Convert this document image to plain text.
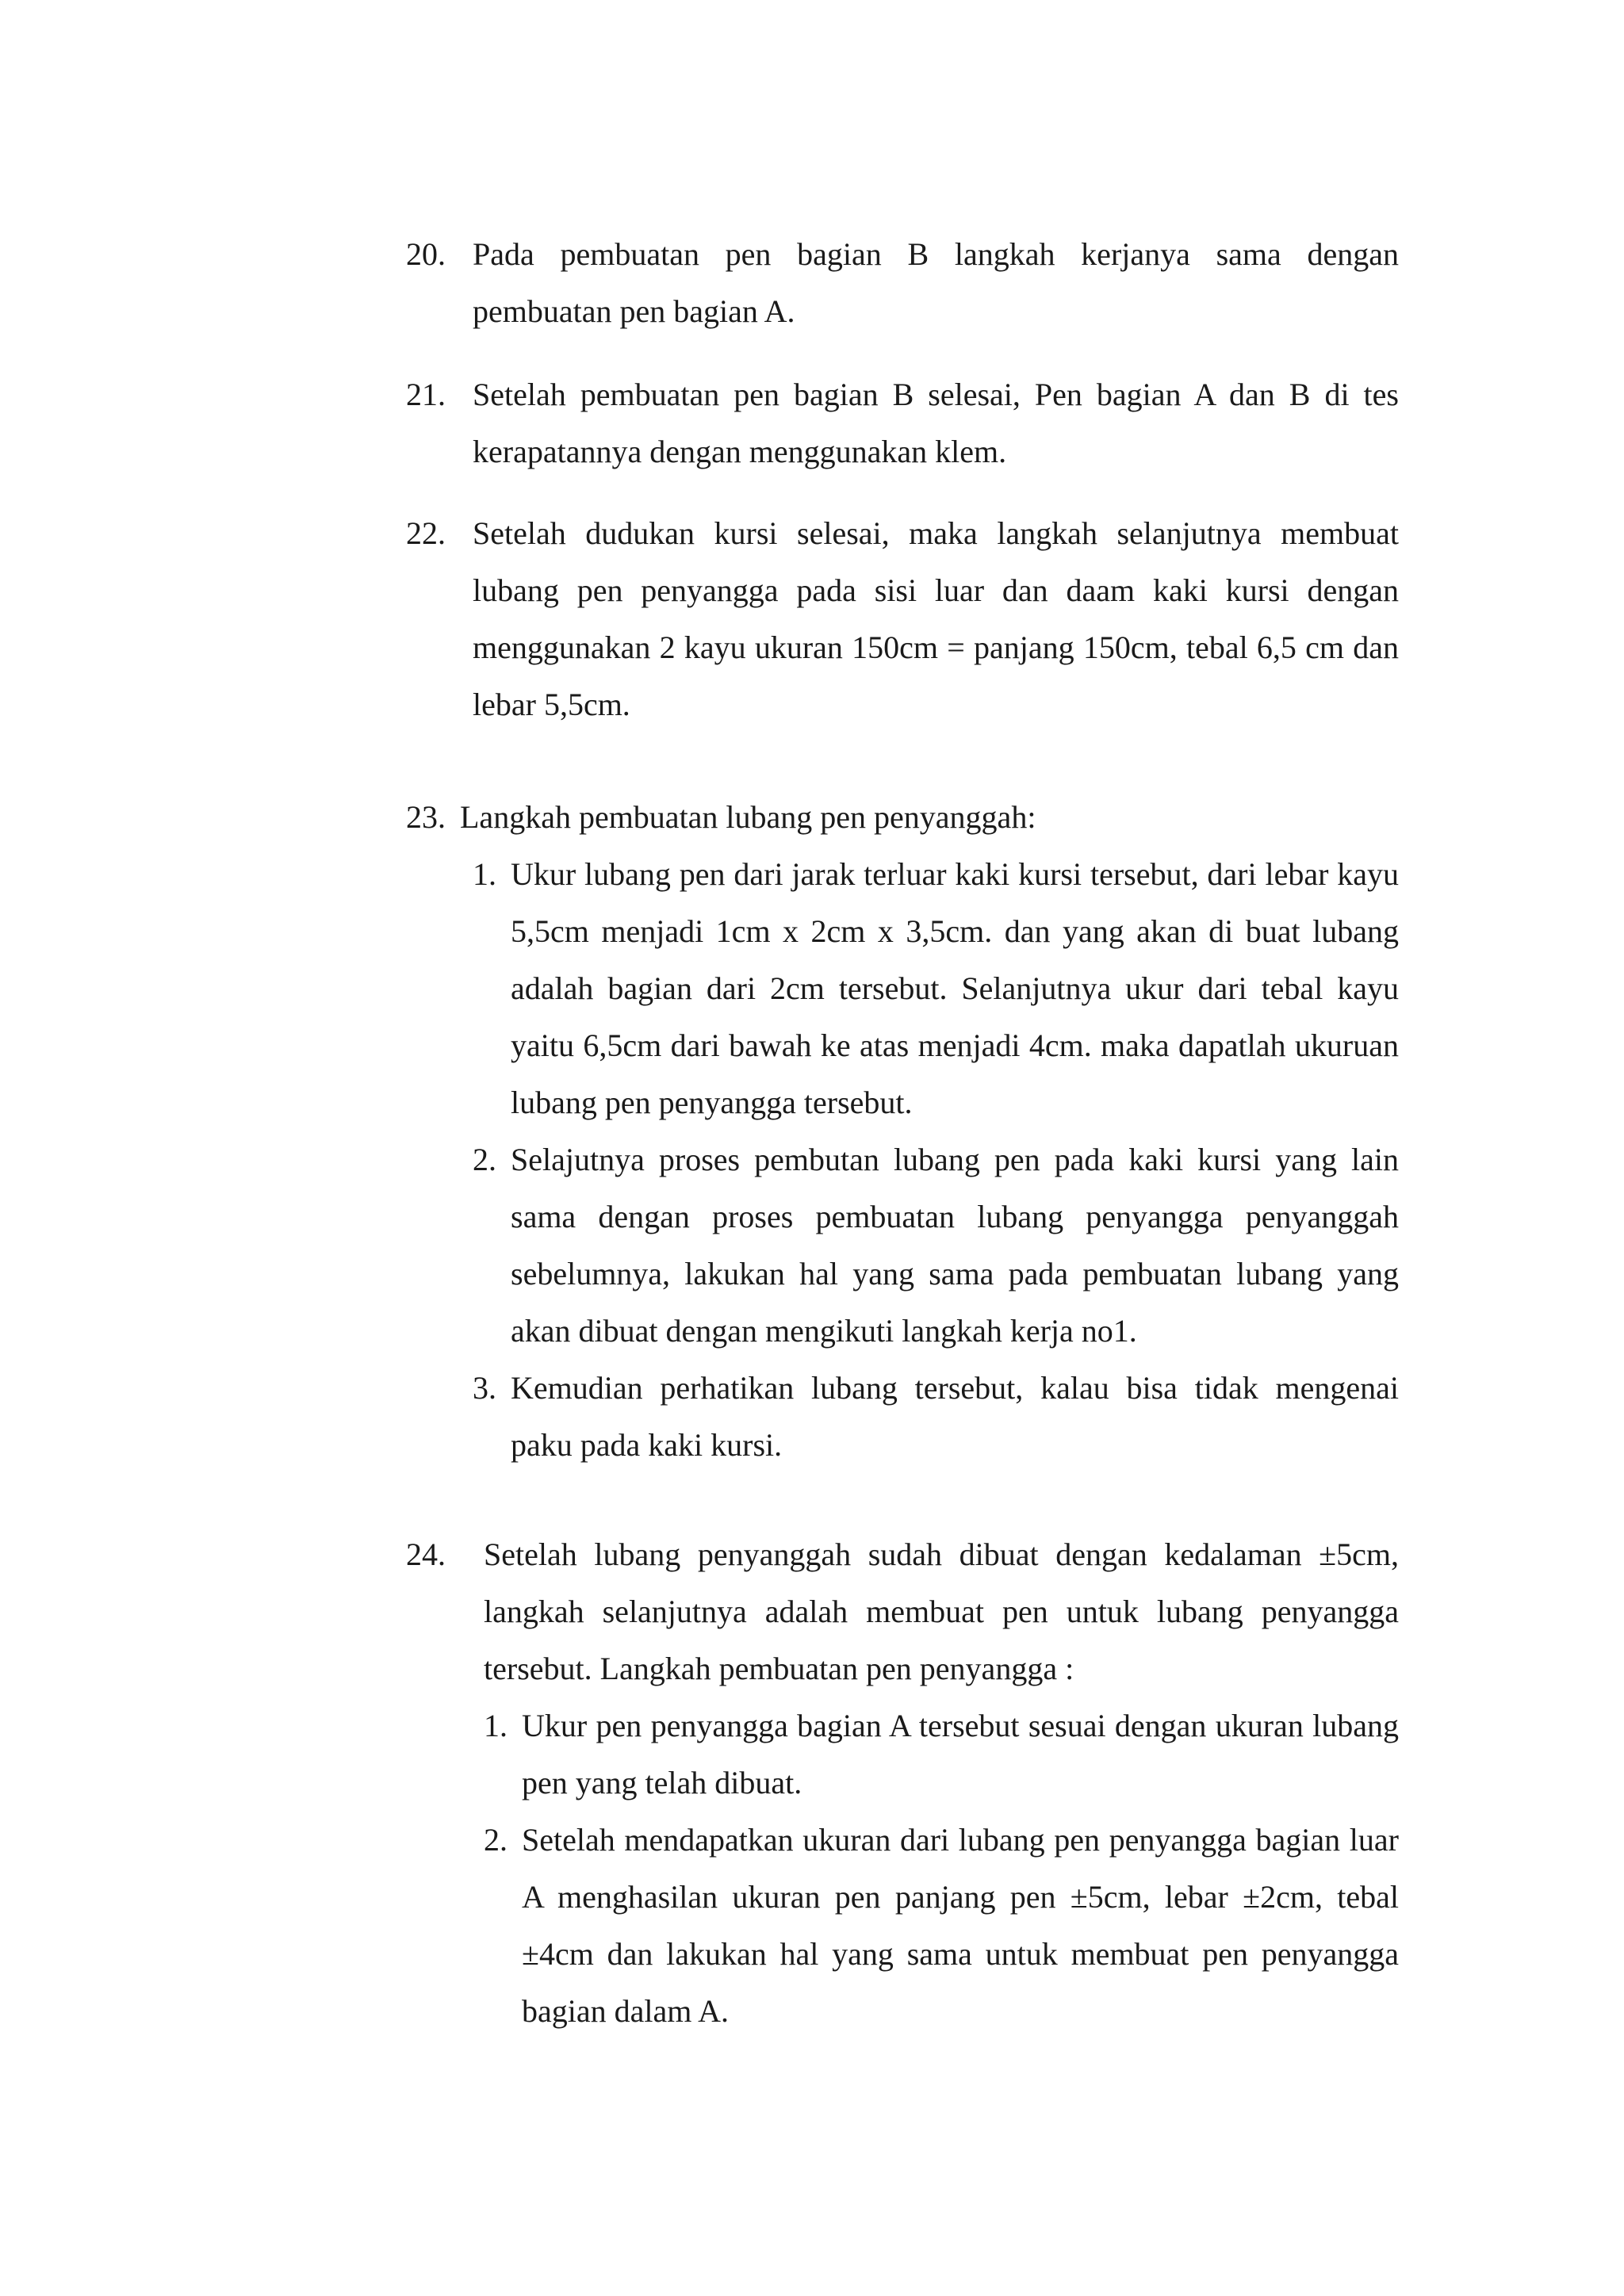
20. Pada pembuatan pen bagian B langkah kerjanya sama dengan pembuatan pen bagian A.
21. Setelah pembuatan pen bagian B selesai, Pen bagian A dan B di tes kerapatannya dengan menggunakan klem.
22. Setelah dudukan kursi selesai, maka langkah selanjutnya membuat lubang pen penyangga pada sisi luar dan daam kaki kursi dengan menggunakan 2 kayu ukuran 150cm = panjang 150cm, tebal 6,5 cm dan lebar 5,5cm.
23. Langkah pembuatan lubang pen penyanggah:
1. Ukur lubang pen dari jarak terluar kaki kursi tersebut, dari lebar kayu 5,5cm menjadi 1cm x 2cm x 3,5cm. dan yang akan di buat lubang adalah bagian dari 2cm tersebut. Selanjutnya ukur dari tebal kayu yaitu 6,5cm dari bawah ke atas menjadi 4cm. maka dapatlah ukuruan lubang pen penyangga tersebut.
2. Selajutnya proses pembutan lubang pen pada kaki kursi yang lain sama dengan proses pembuatan lubang penyangga penyanggah sebelumnya, lakukan hal yang sama pada pembuatan lubang yang akan dibuat dengan mengikuti langkah kerja no1.
3. Kemudian perhatikan lubang tersebut, kalau bisa tidak mengenai paku pada kaki kursi.
24. Setelah lubang penyanggah sudah dibuat dengan kedalaman ±5cm, langkah selanjutnya adalah membuat pen untuk lubang penyangga tersebut. Langkah pembuatan pen penyangga :
1. Ukur pen penyangga bagian A tersebut sesuai dengan ukuran lubang pen yang telah dibuat.
2. Setelah mendapatkan ukuran dari lubang pen penyangga bagian luar A menghasilan ukuran pen panjang pen ±5cm, lebar ±2cm, tebal ±4cm dan lakukan hal yang sama untuk membuat pen penyangga bagian dalam A.
